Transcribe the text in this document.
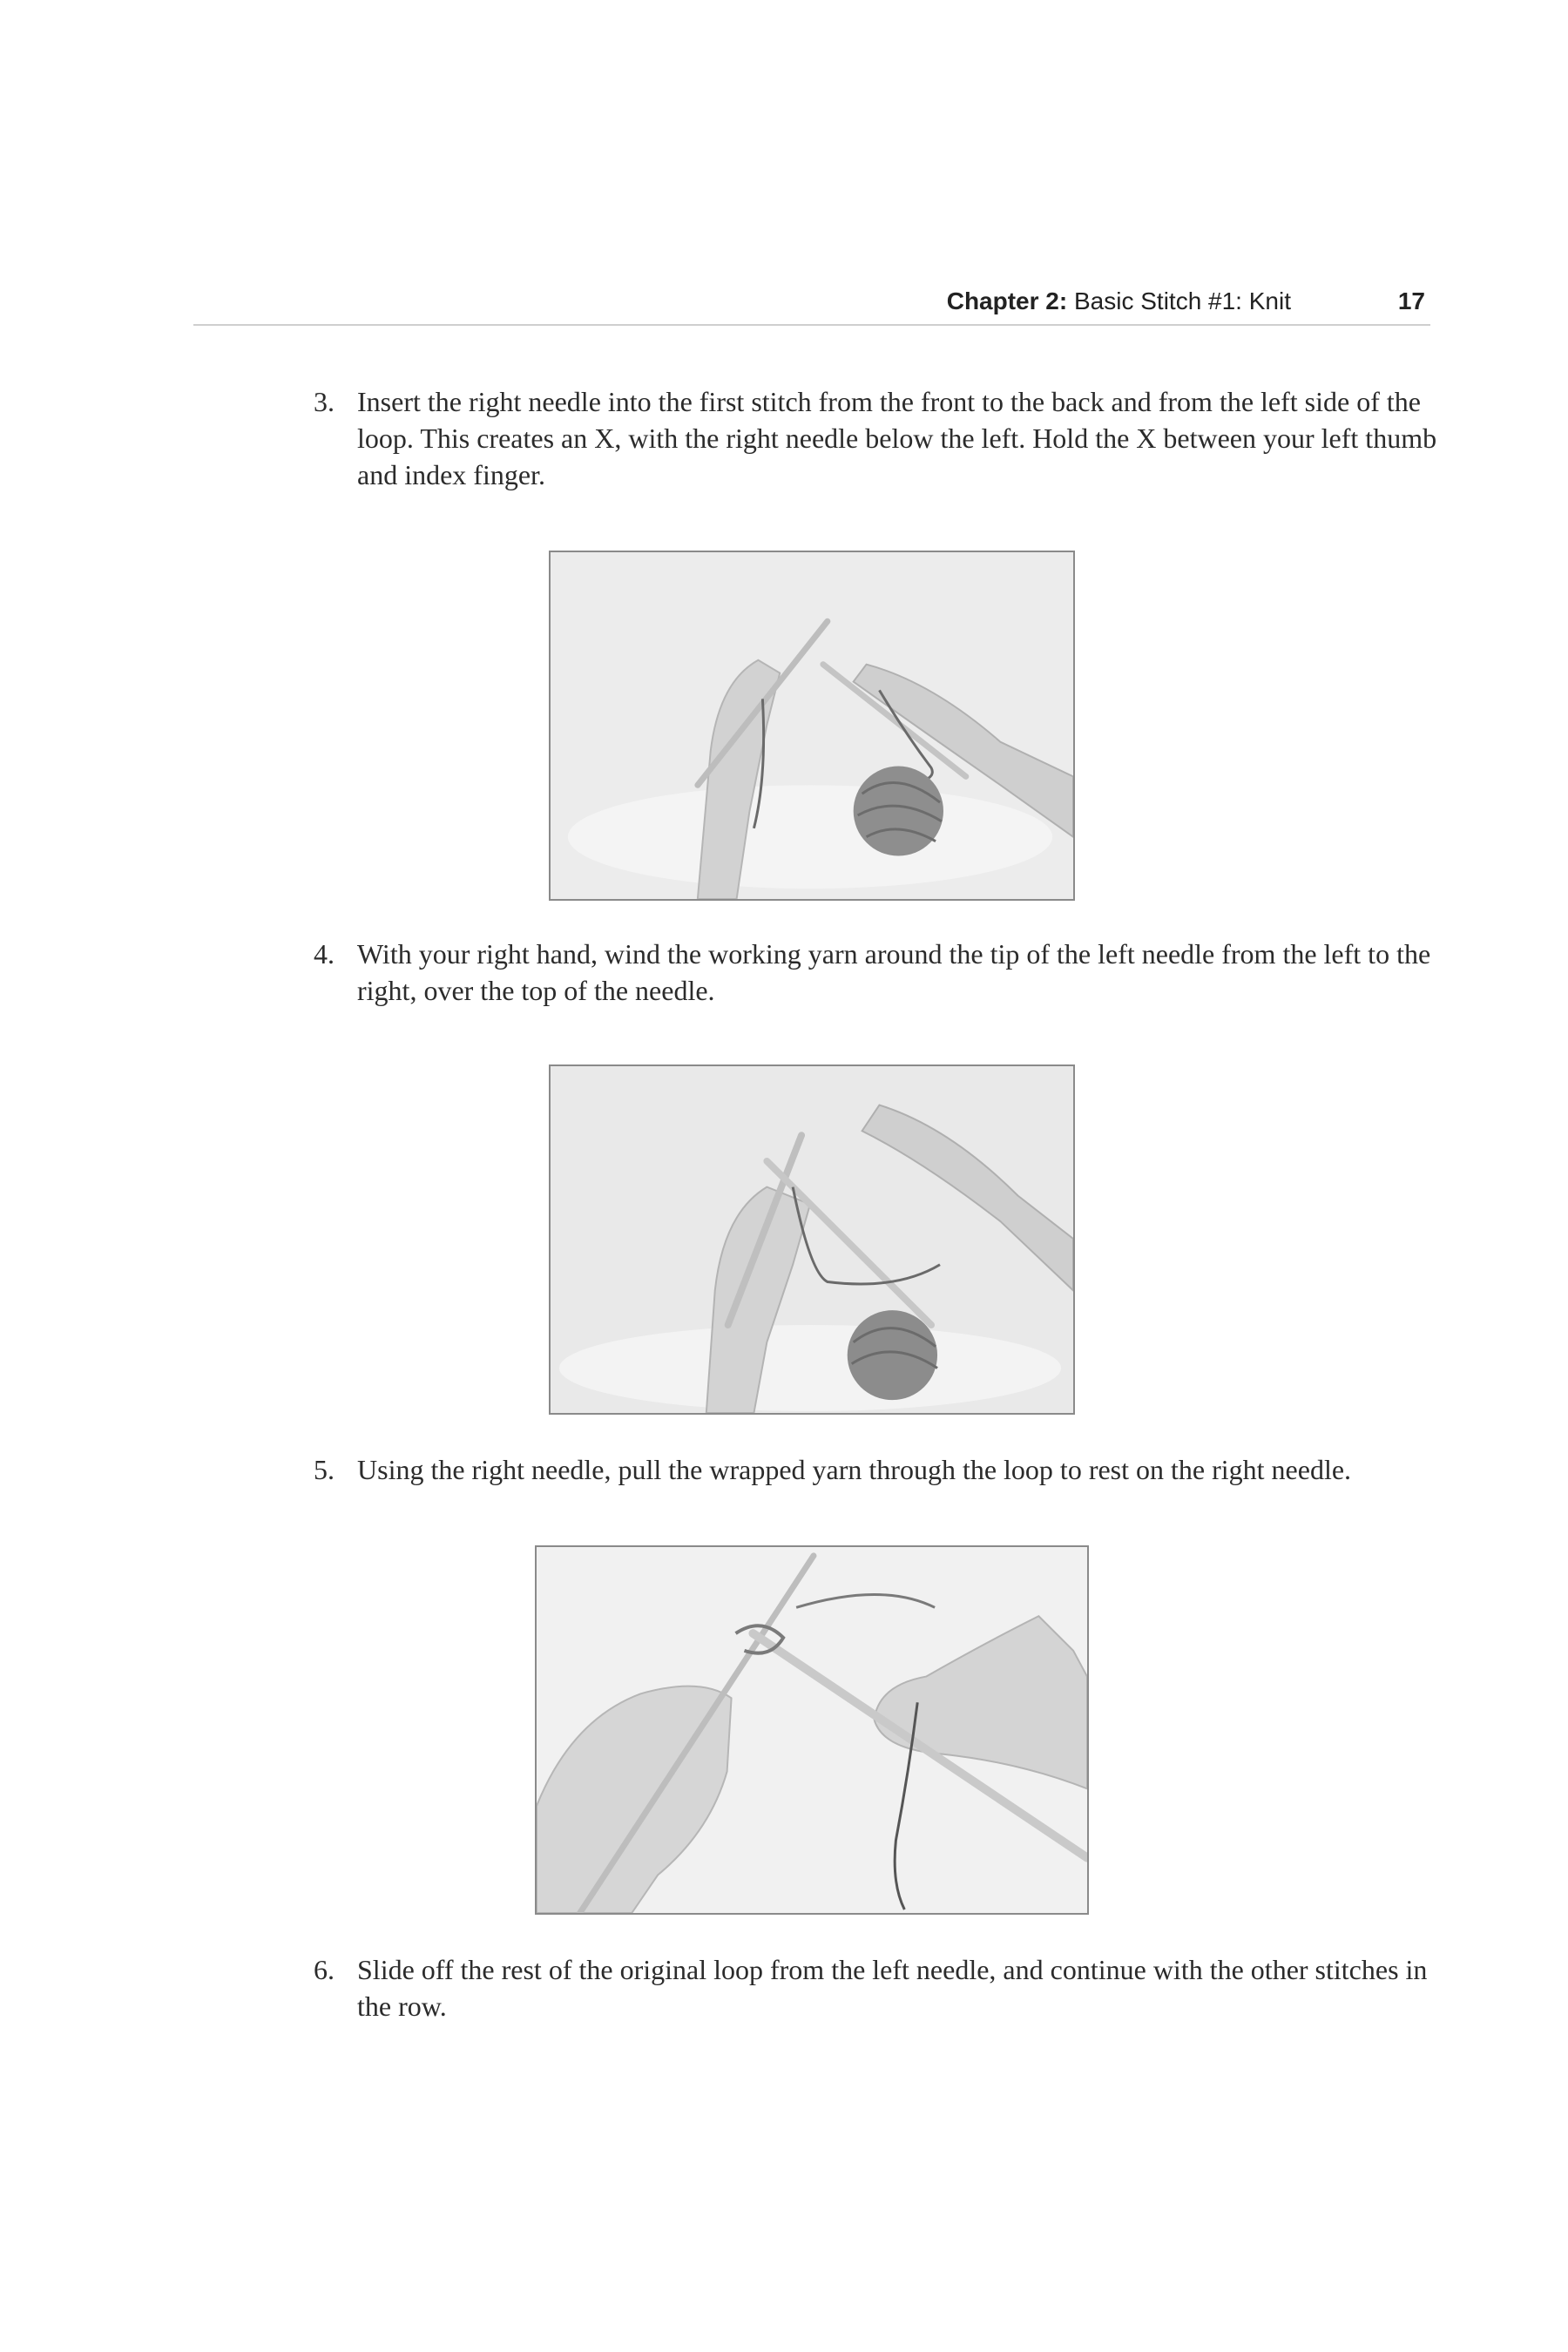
Chapter 2: Basic Stitch #1: Knit	17
3. Insert the right needle into the first stitch from the front to the back and from the left side of the loop. This creates an X, with the right needle below the left. Hold the X between your left thumb and index finger.
4. With your right hand, wind the working yarn around the tip of the left needle from the left to the right, over the top of the needle.
5. Using the right needle, pull the wrapped yarn through the loop to rest on the right needle.
6. Slide off the rest of the original loop from the left needle, and continue with the other stitches in the row.
